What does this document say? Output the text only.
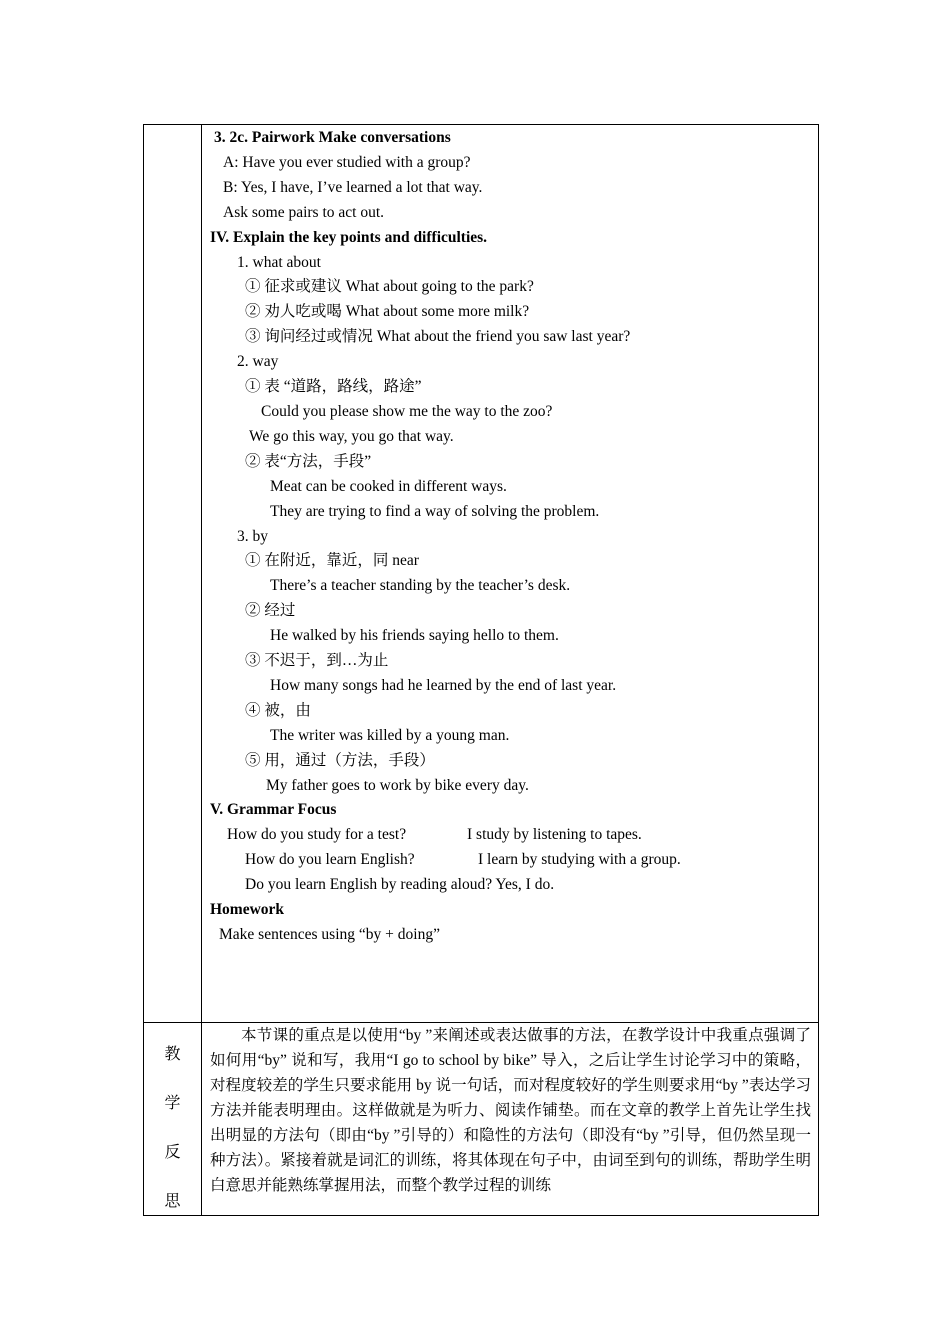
教
学
反
思
3. 2c. Pairwork Make conversations
A: Have you ever studied with a group?
B: Yes, I have, I’ve learned a lot that way.
Ask some pairs to act out.
IV. Explain the key points and difficulties.
1. what about
① 征求或建议 What about going to the park?
② 劝人吃或喝 What about some more milk?
③ 询问经过或情况 What about the friend you saw last year?
2. way
① 表 “道路，路线，路途”
Could you please show me the way to the zoo?
We go this way, you go that way.
② 表“方法，手段”
Meat can be cooked in different ways.
They are trying to find a way of solving the problem.
3. by
① 在附近，靠近，同 near
There’s a teacher standing by the teacher’s desk.
② 经过
He walked by his friends saying hello to them.
③ 不迟于，到…为止
How many songs had he learned by the end of last year.
④ 被，由
The writer was killed by a young man.
⑤ 用，通过（方法，手段）
My father goes to work by bike every day.
V. Grammar Focus
How do you study for a test?	I study by listening to tapes.
How do you learn English?	I learn by studying with a group.
Do you learn English by reading aloud? Yes, I do.
Homework
Make sentences using “by + doing”
本节课的重点是以使用“by ”来阐述或表达做事的方法，在教学设计中我重点强调了如何用“by” 说和写，我用“I go to school by bike” 导入，之后让学生讨论学习中的策略，对程度较差的学生只要求能用 by 说一句话，而对程度较好的学生则要求用“by ”表达学习方法并能表明理由。这样做就是为听力、阅读作铺垫。而在文章的教学上首先让学生找出明显的方法句（即由“by ”引导的）和隐性的方法句（即没有“by ”引导，但仍然呈现一种方法）。紧接着就是词汇的训练，将其体现在句子中，由词至到句的训练，帮助学生明白意思并能熟练掌握用法，而整个教学过程的训练
